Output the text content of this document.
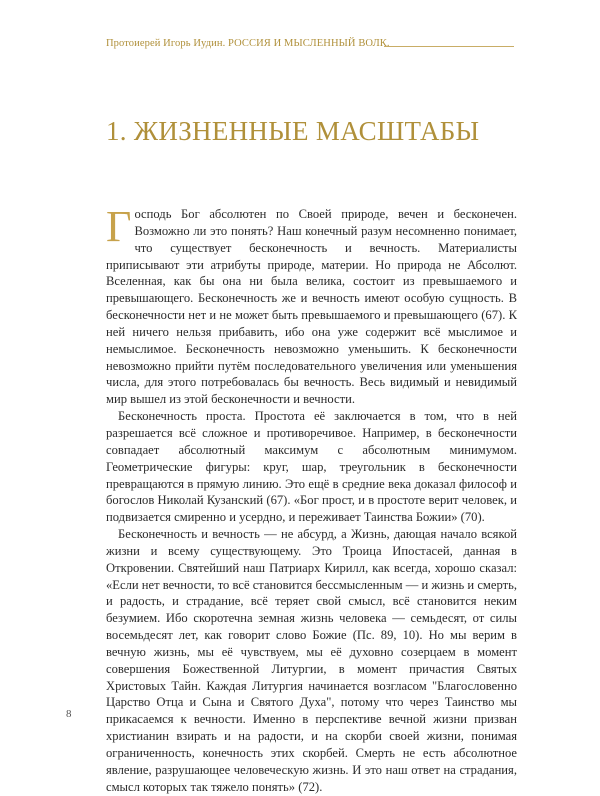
Протоиерей Игорь Иудин. РОССИЯ И МЫСЛЕННЫЙ ВОЛК.
1. ЖИЗНЕННЫЕ МАСШТАБЫ

Господь Бог абсолютен по Своей природе, вечен и бесконечен. Возможно ли это понять? Наш конечный разум несомненно понимает, что существует бесконечность и вечность. Материалисты приписывают эти атрибуты природе, материи. Но природа не Абсолют. Вселенная, как бы она ни была велика, состоит из превышаемого и превышающего. Бесконечность же и вечность имеют особую сущность. В бесконечности нет и не может быть превышаемого и превышающего (67). К ней ничего нельзя прибавить, ибо она уже содержит всё мыслимое и немыслимое. Бесконечность невозможно уменьшить. К бесконечности невозможно прийти путём последовательного увеличения или уменьшения числа, для этого потребовалась бы вечность. Весь видимый и невидимый мир вышел из этой бесконечности и вечности.

Бесконечность проста. Простота её заключается в том, что в ней разрешается всё сложное и противоречивое. Например, в бесконечности совпадает абсолютный максимум с абсолютным минимумом. Геометрические фигуры: круг, шар, треугольник в бесконечности превращаются в прямую линию. Это ещё в средние века доказал философ и богослов Николай Кузанский (67). «Бог прост, и в простоте верит человек, и подвизается смиренно и усердно, и переживает Таинства Божии» (70).

Бесконечность и вечность — не абсурд, а Жизнь, дающая начало всякой жизни и всему существующему. Это Троица Ипостасей, данная в Откровении. Святейший наш Патриарх Кирилл, как всегда, хорошо сказал: «Если нет вечности, то всё становится бессмысленным — и жизнь и смерть, и радость, и страдание, всё теряет свой смысл, всё становится неким безумием. Ибо скоротечна земная жизнь человека — семьдесят, от силы восемьдесят лет, как говорит слово Божие (Пс. 89, 10). Но мы верим в вечную жизнь, мы её чувствуем, мы её духовно созерцаем в момент совершения Божественной Литургии, в момент причастия Святых Христовых Тайн. Каждая Литургия начинается возгласом "Благословенно Царство Отца и Сына и Святого Духа", потому что через Таинство мы прикасаемся к вечности. Именно в перспективе вечной жизни призван христианин взирать и на радости, и на скорби своей жизни, понимая ограниченность, конечность этих скорбей. Смерть не есть абсолютное явление, разрушающее человеческую жизнь. И это наш ответ на страдания, смысл которых так тяжело понять» (72).

8
